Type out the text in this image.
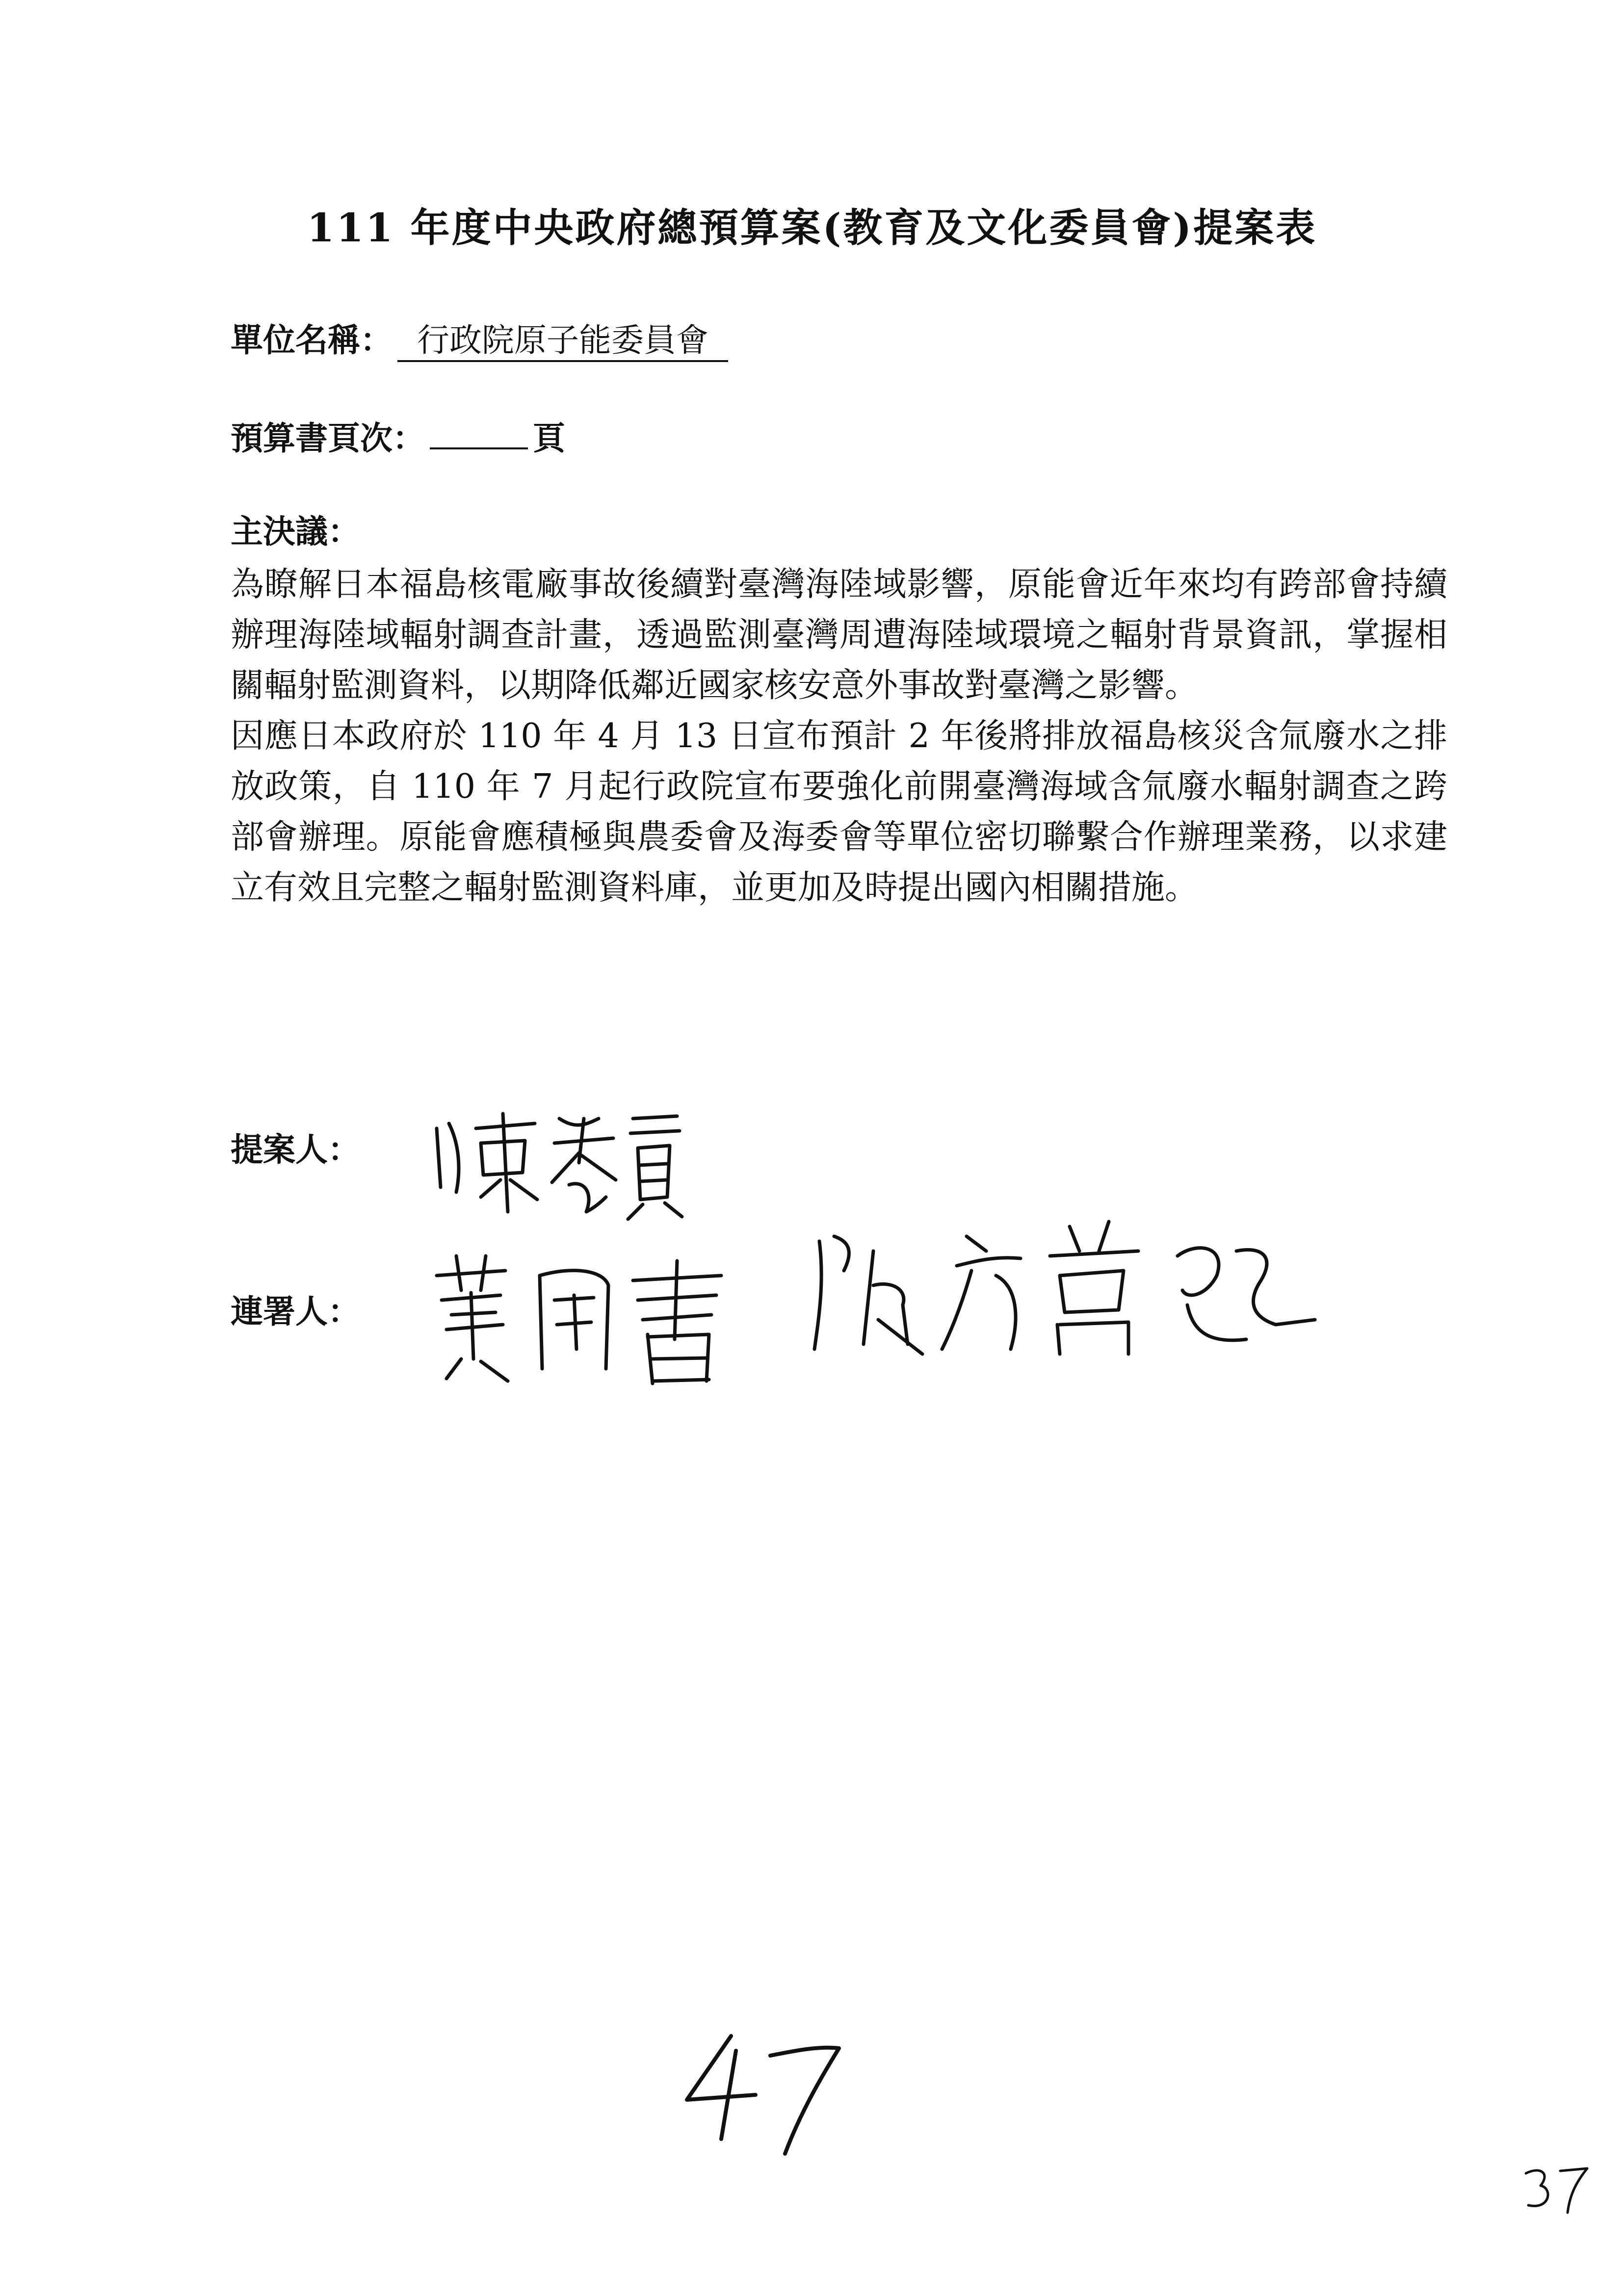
111 年度中央政府總預算案(教育及文化委員會)提案表
單位名稱： 行政院原子能委員會
預算書頁次：	頁
主決議：

為瞭解日本福島核電廠事故後續對臺灣海陸域影響，原能會近年來均有跨部會持續辦理海陸域輻射調查計畫，透過監測臺灣周遭海陸域環境之輻射背景資訊，掌握相關輻射監測資料，以期降低鄰近國家核安意外事故對臺灣之影響。

因應日本政府於 110 年 4 月 13 日宣布預計 2 年後將排放福島核災含氚廢水之排放政策，自 110 年 7 月起行政院宣布要強化前開臺灣海域含氚廢水輻射調查之跨部會辦理。原能會應積極與農委會及海委會等單位密切聯繫合作辦理業務，以求建立有效且完整之輻射監測資料庫，並更加及時提出國內相關措施。

提案人：
連署人：
